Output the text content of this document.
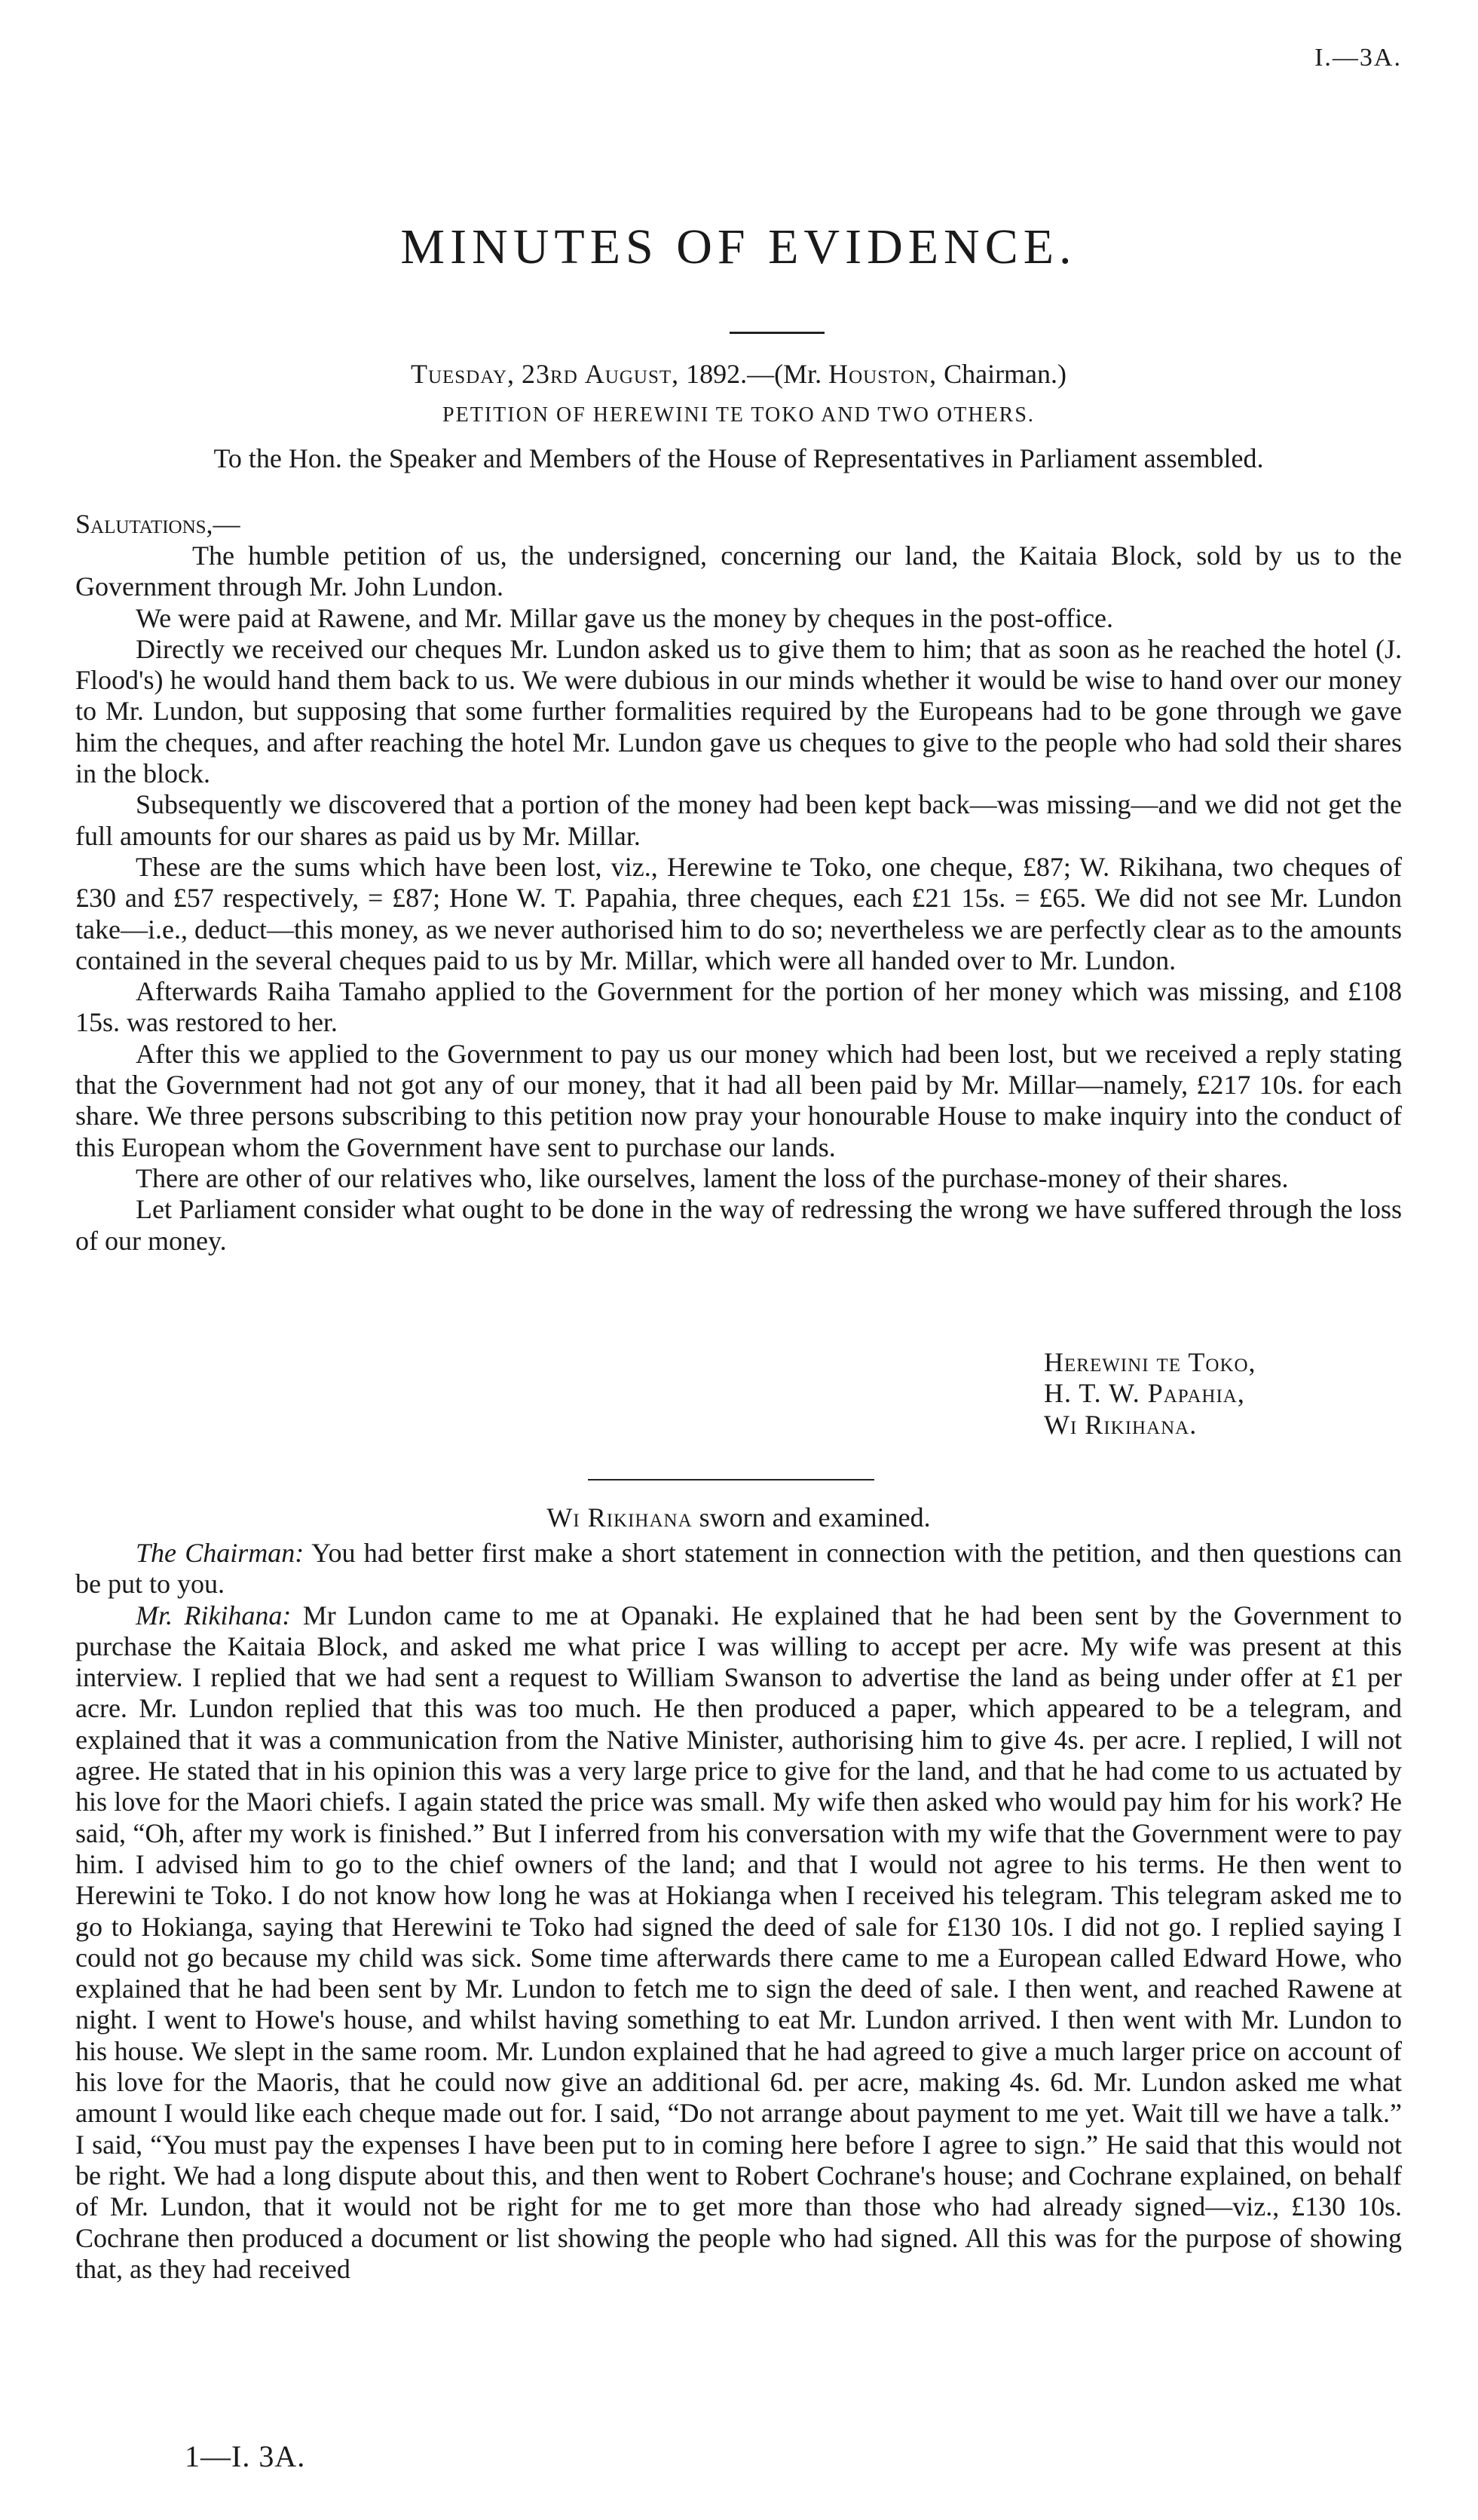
I.—3A.
MINUTES OF EVIDENCE.
Tuesday, 23rd August, 1892.—(Mr. Houston, Chairman.)
PETITION OF HEREWINI TE TOKO AND TWO OTHERS.
To the Hon. the Speaker and Members of the House of Representatives in Parliament assembled.
Salutations,—

The humble petition of us, the undersigned, concerning our land, the Kaitaia Block, sold by us to the Government through Mr. John Lundon.

We were paid at Rawene, and Mr. Millar gave us the money by cheques in the post-office.

Directly we received our cheques Mr. Lundon asked us to give them to him; that as soon as he reached the hotel (J. Flood's) he would hand them back to us. We were dubious in our minds whether it would be wise to hand over our money to Mr. Lundon, but supposing that some further formalities required by the Europeans had to be gone through we gave him the cheques, and after reaching the hotel Mr. Lundon gave us cheques to give to the people who had sold their shares in the block.

Subsequently we discovered that a portion of the money had been kept back—was missing—and we did not get the full amounts for our shares as paid us by Mr. Millar.

These are the sums which have been lost, viz., Herewine te Toko, one cheque, £87; W. Rikihana, two cheques of £30 and £57 respectively, = £87; Hone W. T. Papahia, three cheques, each £21 15s. = £65. We did not see Mr. Lundon take—i.e., deduct—this money, as we never authorised him to do so; nevertheless we are perfectly clear as to the amounts contained in the several cheques paid to us by Mr. Millar, which were all handed over to Mr. Lundon.

Afterwards Raiha Tamaho applied to the Government for the portion of her money which was missing, and £108 15s. was restored to her.

After this we applied to the Government to pay us our money which had been lost, but we received a reply stating that the Government had not got any of our money, that it had all been paid by Mr. Millar—namely, £217 10s. for each share. We three persons subscribing to this petition now pray your honourable House to make inquiry into the conduct of this European whom the Government have sent to purchase our lands.

There are other of our relatives who, like ourselves, lament the loss of the purchase-money of their shares.

Let Parliament consider what ought to be done in the way of redressing the wrong we have suffered through the loss of our money.

Herewini te Toko,
H. T. W. Papahia,
Wi Rikihana.
Wi Rikihana sworn and examined.

The Chairman: You had better first make a short statement in connection with the petition, and then questions can be put to you.

Mr. Rikihana: Mr Lundon came to me at Opanaki. He explained that he had been sent by the Government to purchase the Kaitaia Block, and asked me what price I was willing to accept per acre. My wife was present at this interview. I replied that we had sent a request to William Swanson to advertise the land as being under offer at £1 per acre. Mr. Lundon replied that this was too much. He then produced a paper, which appeared to be a telegram, and explained that it was a communication from the Native Minister, authorising him to give 4s. per acre. I replied, I will not agree. He stated that in his opinion this was a very large price to give for the land, and that he had come to us actuated by his love for the Maori chiefs. I again stated the price was small. My wife then asked who would pay him for his work? He said, “Oh, after my work is finished.” But I inferred from his conversation with my wife that the Government were to pay him. I advised him to go to the chief owners of the land; and that I would not agree to his terms. He then went to Herewini te Toko. I do not know how long he was at Hokianga when I received his telegram. This telegram asked me to go to Hokianga, saying that Herewini te Toko had signed the deed of sale for £130 10s. I did not go. I replied saying I could not go because my child was sick. Some time afterwards there came to me a European called Edward Howe, who explained that he had been sent by Mr. Lundon to fetch me to sign the deed of sale. I then went, and reached Rawene at night. I went to Howe's house, and whilst having something to eat Mr. Lundon arrived. I then went with Mr. Lundon to his house. We slept in the same room. Mr. Lundon explained that he had agreed to give a much larger price on account of his love for the Maoris, that he could now give an additional 6d. per acre, making 4s. 6d. Mr. Lundon asked me what amount I would like each cheque made out for. I said, “Do not arrange about payment to me yet. Wait till we have a talk.” I said, “You must pay the expenses I have been put to in coming here before I agree to sign.” He said that this would not be right. We had a long dispute about this, and then went to Robert Cochrane's house; and Cochrane explained, on behalf of Mr. Lundon, that it would not be right for me to get more than those who had already signed—viz., £130 10s. Cochrane then produced a document or list showing the people who had signed. All this was for the purpose of showing that, as they had received

1—I. 3A.
